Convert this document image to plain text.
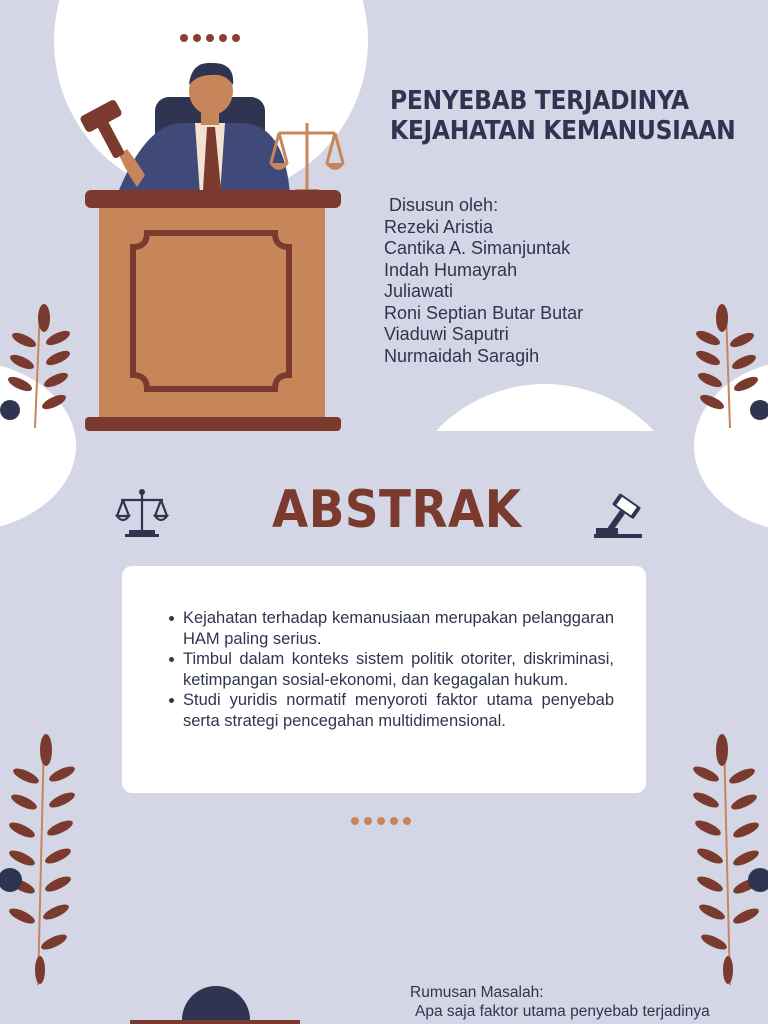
PENYEBAB TERJADINYA
KEJAHATAN KEMANUSIAAN
Disusun oleh:
Rezeki Aristia
Cantika A. Simanjuntak
Indah Humayrah
Juliawati
Roni Septian Butar Butar
Viaduwi Saputri
Nurmaidah Saragih
ABSTRAK
Kejahatan terhadap kemanusiaan merupakan pelanggaran HAM paling serius.
Timbul dalam konteks sistem politik otoriter, diskriminasi, ketimpangan sosial-ekonomi, dan kegagalan hukum.
Studi yuridis normatif menyoroti faktor utama penyebab serta strategi pencegahan multidimensional.
Rumusan Masalah:
Apa saja faktor utama penyebab terjadinya
